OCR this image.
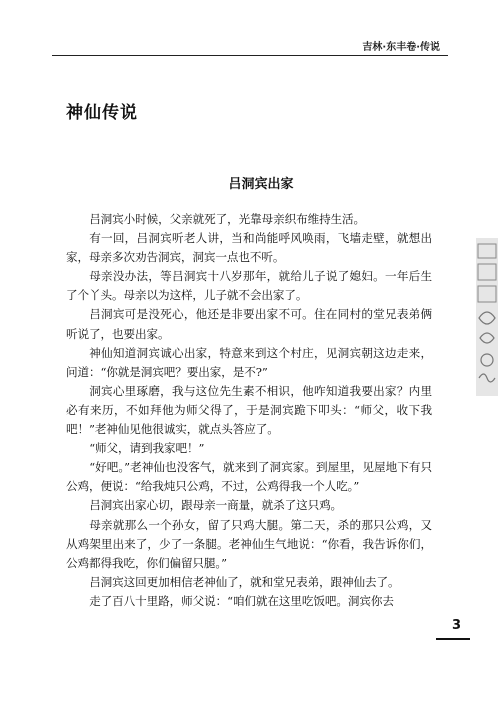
吉林·东丰卷·传说
神仙传说
吕洞宾出家

吕洞宾小时候，父亲就死了，光靠母亲织布维持生活。

有一回，吕洞宾听老人讲，当和尚能呼风唤雨，飞墙走壁，就想出家，母亲多次劝告洞宾，洞宾一点也不听。

母亲没办法，等吕洞宾十八岁那年，就给儿子说了媳妇。一年后生了个丫头。母亲以为这样，儿子就不会出家了。

吕洞宾可是没死心，他还是非要出家不可。住在同村的堂兄表弟俩听说了，也要出家。

神仙知道洞宾诚心出家，特意来到这个村庄，见洞宾朝这边走来，问道：“你就是洞宾吧？要出家，是不?”

洞宾心里琢磨，我与这位先生素不相识，他咋知道我要出家？内里必有来历，不如拜他为师父得了，于是洞宾跪下叩头：“师父，收下我吧！”老神仙见他很诚实，就点头答应了。

“师父，请到我家吧！”

“好吧。”老神仙也没客气，就来到了洞宾家。到屋里，见屋地下有只公鸡，便说：“给我炖只公鸡，不过，公鸡得我一个人吃。”

吕洞宾出家心切，跟母亲一商量，就杀了这只鸡。

母亲就那么一个孙女，留了只鸡大腿。第二天，杀的那只公鸡，又从鸡架里出来了，少了一条腿。老神仙生气地说：“你看，我告诉你们，公鸡都得我吃，你们偏留只腿。”

吕洞宾这回更加相信老神仙了，就和堂兄表弟，跟神仙去了。

走了百八十里路，师父说：“咱们就在这里吃饭吧。洞宾你去

3
